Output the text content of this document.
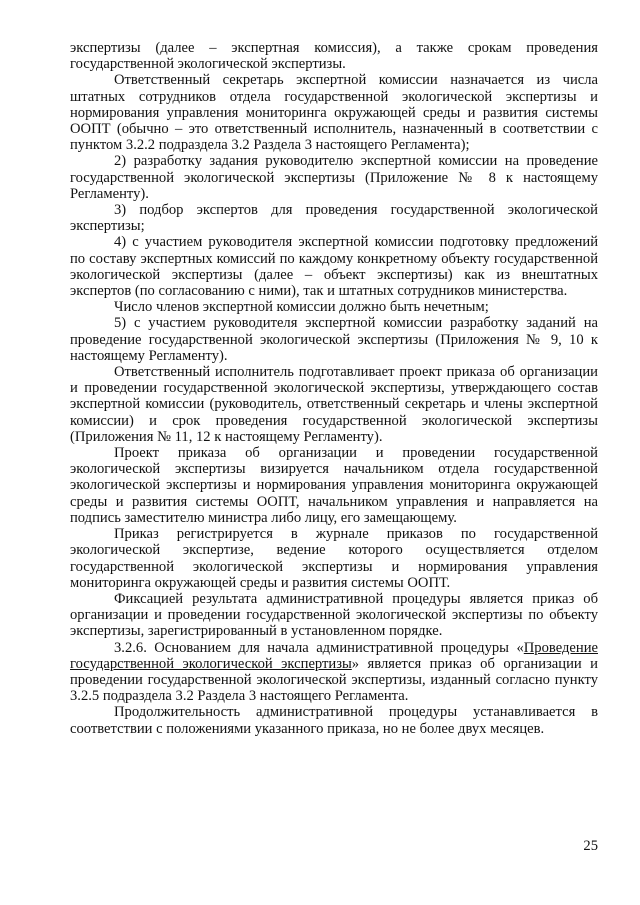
экспертизы (далее – экспертная комиссия), а также срокам проведения государственной экологической экспертизы.

Ответственный секретарь экспертной комиссии назначается из числа штатных сотрудников отдела государственной экологической экспертизы и нормирования управления мониторинга окружающей среды и развития системы ООПТ (обычно – это ответственный исполнитель, назначенный в соответствии с пунктом 3.2.2 подраздела 3.2 Раздела 3 настоящего Регламента);

2) разработку задания руководителю экспертной комиссии на проведение государственной экологической экспертизы (Приложение № 8 к настоящему Регламенту).

3) подбор экспертов для проведения государственной экологической экспертизы;

4) с участием руководителя экспертной комиссии подготовку предложений по составу экспертных комиссий по каждому конкретному объекту государственной экологической экспертизы (далее – объект экспертизы) как из внештатных экспертов (по согласованию с ними), так и штатных сотрудников министерства.

Число членов экспертной комиссии должно быть нечетным;

5) с участием руководителя экспертной комиссии разработку заданий на проведение государственной экологической экспертизы (Приложения № 9, 10 к настоящему Регламенту).

Ответственный исполнитель подготавливает проект приказа об организации и проведении государственной экологической экспертизы, утверждающего состав экспертной комиссии (руководитель, ответственный секретарь и члены экспертной комиссии) и срок проведения государственной экологической экспертизы (Приложения № 11, 12 к настоящему Регламенту).

Проект приказа об организации и проведении государственной экологической экспертизы визируется начальником отдела государственной экологической экспертизы и нормирования управления мониторинга окружающей среды и развития системы ООПТ, начальником управления и направляется на подпись заместителю министра либо лицу, его замещающему.

Приказ регистрируется в журнале приказов по государственной экологической экспертизе, ведение которого осуществляется отделом государственной экологической экспертизы и нормирования управления мониторинга окружающей среды и развития системы ООПТ.

Фиксацией результата административной процедуры является приказ об организации и проведении государственной экологической экспертизы по объекту экспертизы, зарегистрированный в установленном порядке.

3.2.6. Основанием для начала административной процедуры «Проведение государственной экологической экспертизы» является приказ об организации и проведении государственной экологической экспертизы, изданный согласно пункту 3.2.5 подраздела 3.2 Раздела 3 настоящего Регламента.

Продолжительность административной процедуры устанавливается в соответствии с положениями указанного приказа, но не более двух месяцев.

25
